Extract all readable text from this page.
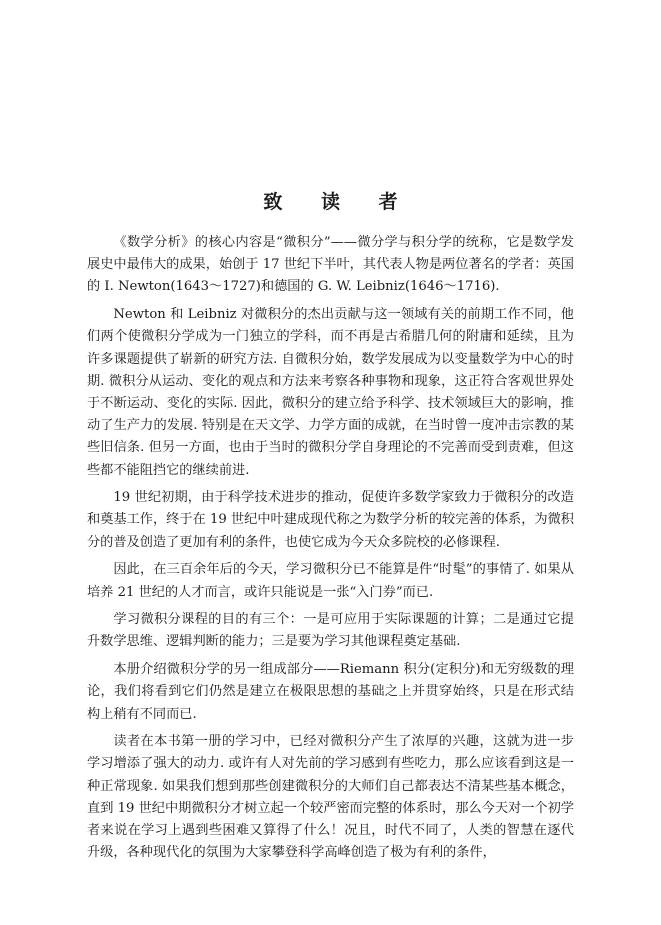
致 读 者

《数学分析》的核心内容是“微积分”——微分学与积分学的统称，它是数学发展史中最伟大的成果，始创于 17 世纪下半叶，其代表人物是两位著名的学者：英国的 I. Newton(1643～1727)和德国的 G. W. Leibniz(1646～1716).

Newton 和 Leibniz 对微积分的杰出贡献与这一领域有关的前期工作不同，他们两个使微积分学成为一门独立的学科，而不再是古希腊几何的附庸和延续，且为许多课题提供了崭新的研究方法. 自微积分始，数学发展成为以变量数学为中心的时期. 微积分从运动、变化的观点和方法来考察各种事物和现象，这正符合客观世界处于不断运动、变化的实际. 因此，微积分的建立给予科学、技术领域巨大的影响，推动了生产力的发展. 特别是在天文学、力学方面的成就，在当时曾一度冲击宗教的某些旧信条. 但另一方面，也由于当时的微积分学自身理论的不完善而受到责难，但这些都不能阻挡它的继续前进.

19 世纪初期，由于科学技术进步的推动，促使许多数学家致力于微积分的改造和奠基工作，终于在 19 世纪中叶建成现代称之为数学分析的较完善的体系，为微积分的普及创造了更加有利的条件，也使它成为今天众多院校的必修课程.

因此，在三百余年后的今天，学习微积分已不能算是件“时髦”的事情了. 如果从培养 21 世纪的人才而言，或许只能说是一张“入门券”而已.

学习微积分课程的目的有三个：一是可应用于实际课题的计算；二是通过它提升数学思维、逻辑判断的能力；三是要为学习其他课程奠定基础.

本册介绍微积分学的另一组成部分——Riemann 积分(定积分)和无穷级数的理论，我们将看到它们仍然是建立在极限思想的基础之上并贯穿始终，只是在形式结构上稍有不同而已.

读者在本书第一册的学习中，已经对微积分产生了浓厚的兴趣，这就为进一步学习增添了强大的动力. 或许有人对先前的学习感到有些吃力，那么应该看到这是一种正常现象. 如果我们想到那些创建微积分的大师们自己都表达不清某些基本概念，直到 19 世纪中期微积分才树立起一个较严密而完整的体系时，那么今天对一个初学者来说在学习上遇到些困难又算得了什么！况且，时代不同了，人类的智慧在逐代升级，各种现代化的氛围为大家攀登科学高峰创造了极为有利的条件，
